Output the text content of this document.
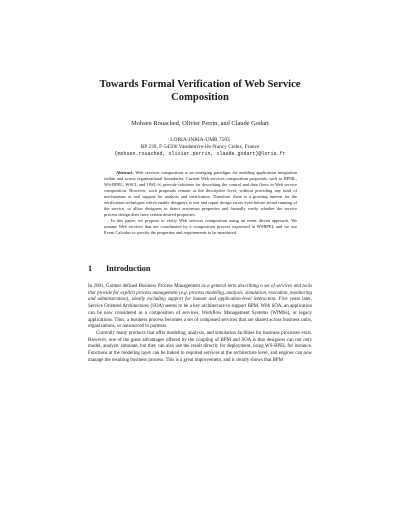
Towards Formal Verification of Web Service
Composition
Mohsen Rouached, Olivier Perrin, and Claude Godart
LORIA-INRIA-UMR 7503
BP 239, F-54506 Vandœuvre-lès-Nancy Cedex, France
{mohsen.rouached, olivier.perrin, claude.godart}@loria.fr

Abstract. Web services composition is an emerging paradigm for enabling application integration within and across organizational boundaries. Current Web services composition proposals, such as BPML, WS-BPEL, WSCI, and OWL-S, provide solutions for describing the control and data flows in Web service composition. However, such proposals remain at the descriptive level, without providing any kind of mechanisms or tool support for analysis and verification. Therefore, there is a growing interest for the verification techniques which enable designers to test and repair design errors even before actual running of the service, or allow designers to detect erroneous properties and formally verify whether the service process design does have certain desired properties.

In this paper, we propose to verify Web services composition using an event driven approach. We assume Web services that are coordinated by a composition process expressed in WSBPEL and we use Event Calculus to specify the properties and requirements to be monitored.

1 Introduction

In 2001, Gartner defined Business Process Management as a general term describing a set of services and tools that provide for explicit process management (e.g. process modeling, analysis, simulation, execution, monitoring and administration), ideally including support for human and application-level interaction. Five years later, Service Oriented Architectures (SOA) seems to be a key architecture to support BPM. With SOA, an application can be now considered as a composition of services, Workflow Management Systems (WfMSs), or legacy applications. Thus, a business process becomes a set of composed services that are shared across business units, organizations, or outsourced to partners.

Currently many products that offer modeling, analysis, and simulation facilities for business processes exist. However, one of the great advantages offered by the coupling of BPM and SOA is that designers can not only model, analyze, simulate, but they can also use the result directly for deployment, using WS-BPEL for instance. Functions at the modeling layer can be linked to required services at the architecture level, and engines can now manage the resulting business process. This is a great improvement, and it clearly shows that BPM
